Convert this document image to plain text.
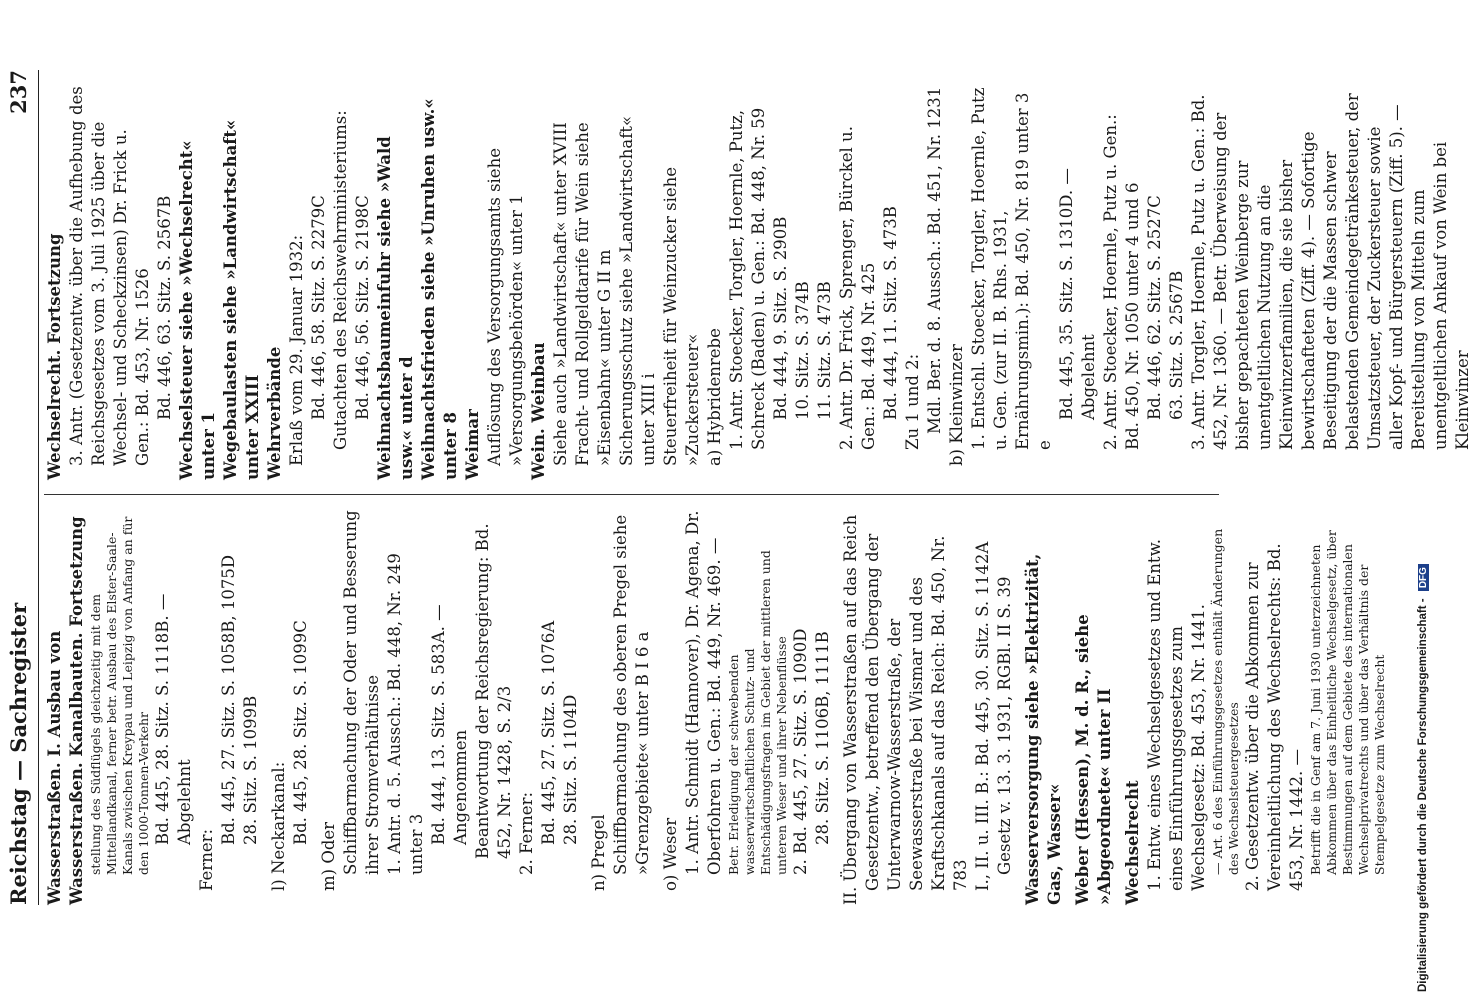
Reichstag — Sachregister
237
Wasserstraßen. I. Ausbau von Wasserstraßen. Kanalbauten. Fortsetzung stellung des Südflügels gleichzeitig mit dem Mittellandkanal, ferner betr. Ausbau des Elster-Saale-Kanals zwischen Kreypau und Leipzig von Anfang an für den 1000-Tonnen-Verkehr Bd. 445, 28. Sitz. S. 1118B. — Abgelehnt
Ferner:
Bd. 445, 27. Sitz. S. 1058B, 1075D 28. Sitz. S. 1099B l) Neckarkanal: Bd. 445, 28. Sitz. S. 1099C
m) Oder Schiffbarmachung der Oder und Besserung ihrer Stromverhältnisse 1. Antr. d. 5. Aussch.: Bd. 448, Nr. 249 unter 3 Bd. 444, 13. Sitz. S. 583A. — Angenommen Beantwortung der Reichsregierung: Bd. 452, Nr. 1428, S. 2/3 2. Ferner: Bd. 445, 27. Sitz. S. 1076A 28. Sitz. S. 1104D
n) Pregel Schiffbarmachung des oberen Pregel siehe »Grenzgebiete« unter B I 6 a o) Weser 1. Antr. Schmidt (Hannover), Dr. Agena, Dr. Oberfohren u. Gen.: Bd. 449, Nr. 469. — Betr. Erledigung der schwebenden wasserwirtschaftlichen Schutz- und Entschädigungsfragen im Gebiet der mittleren und unteren Weser und ihrer Nebenflüsse 2. Bd. 445, 27. Sitz. S. 1090D 28. Sitz. S. 1106B, 1111B II. Übergang von Wasserstraßen auf das Reich Gesetzentw., betreffend den Übergang der Unterwarnow-Wasserstraße, der Seewasserstraße bei Wismar und des Kraftschkanals auf das Reich: Bd. 450, Nr. 783 I., II. u. III. B.: Bd. 445, 30. Sitz. S. 1142A Gesetz v. 13. 3. 1931, RGBl. II S. 39 Wasserversorgung siehe »Elektrizität, Gas, Wasser« Weber (Hessen), M. d. R., siehe »Abgeordnete« unter II Wechselrecht 1. Entw. eines Wechselgesetzes und Entw. eines Einführungsgesetzes zum Wechselgesetz: Bd. 453, Nr. 1441. — Art. 6 des Einführungsgesetzes enthält Änderungen des Wechselsteuergesetzes 2. Gesetzentw. über die Abkommen zur Vereinheitlichung des Wechselrechts: Bd. 453, Nr. 1442. — Betrifft die in Genf am 7. Juni 1930 unterzeichneten Abkommen über das Einheitliche Wechselgesetz, über Bestimmungen auf dem Gebiete des internationalen Wechselprivatrechts und über das Verhältnis der Stempelgesetze zum Wechselrecht
Wechselrecht. Fortsetzung 3. Antr. (Gesetzentw. über die Aufhebung des Reichsgesetzes vom 3. Juli 1925 über die Wechsel- und Scheckzinsen) Dr. Frick u. Gen.: Bd. 453, Nr. 1526 Bd. 446, 63. Sitz. S. 2567B Wechselsteuer siehe »Wechselrecht« unter 1 Wegebaulasten siehe »Landwirtschaft« unter XXIII Wehrverbände Erlaß vom 29. Januar 1932: Bd. 446, 58. Sitz. S. 2279C Gutachten des Reichswehrministeriums: Bd. 446, 56. Sitz. S. 2198C Weihnachtsbaumeinfuhr siehe »Wald usw.« unter d Weihnachtsfrieden siehe »Unruhen usw.« unter 8 Weimar Auflösung des Versorgungsamts siehe »Versorgungsbehörden« unter 1 Wein. Weinbau Siehe auch »Landwirtschaft« unter XVIII Fracht- und Rollgeldtarife für Wein siehe »Eisenbahn« unter G II m Sicherungsschutz siehe »Landwirtschaft« unter XIII i Steuerfreiheit für Weinzucker siehe »Zuckersteuer« a) Hybridenrebe 1. Antr. Stoecker, Torgler, Hoernle, Putz, Schreck (Baden) u. Gen.: Bd. 448, Nr. 59 Bd. 444, 9. Sitz. S. 290B 10. Sitz. S. 374B 11. Sitz. S. 473B 2. Antr. Dr. Frick, Sprenger, Bürckel u. Gen.: Bd. 449, Nr. 425 Bd. 444, 11. Sitz. S. 473B Zu 1 und 2: Mdl. Ber. d. 8. Aussch.: Bd. 451, Nr. 1231 b) Kleinwinzer 1. Entschl. Stoecker, Torgler, Hoernle, Putz u. Gen. (zur II. B. Rhs. 1931, Ernährungsmin.): Bd. 450, Nr. 819 unter 3 e
Bd. 445, 35. Sitz. S. 1310D. — Abgelehnt 2. Antr. Stoecker, Hoernle, Putz u. Gen.: Bd. 450, Nr. 1050 unter 4 und 6 Bd. 446, 62. Sitz. S. 2527C 63. Sitz. S. 2567B 3. Antr. Torgler, Hoernle, Putz u. Gen.: Bd. 452, Nr. 1360. — Betr. Überweisung der bisher gepachteten Weinberge zur unentgeltlichen Nutzung an die Kleinwinzerfamilien, die sie bisher bewirtschafteten (Ziff. 4). — Sofortige Beseitigung der die Massen schwer belastenden Gemeindegetränkesteuer, der Umsatzsteuer, der Zuckersteuer sowie aller Kopf- und Bürgersteuern (Ziff. 5). — Bereitstellung von Mitteln zum unentgeltlichen Ankauf von Wein bei Kleinwinzer
Digitalisierung gefördert durch die Deutsche Forschungsgemeinschaft - DFG
